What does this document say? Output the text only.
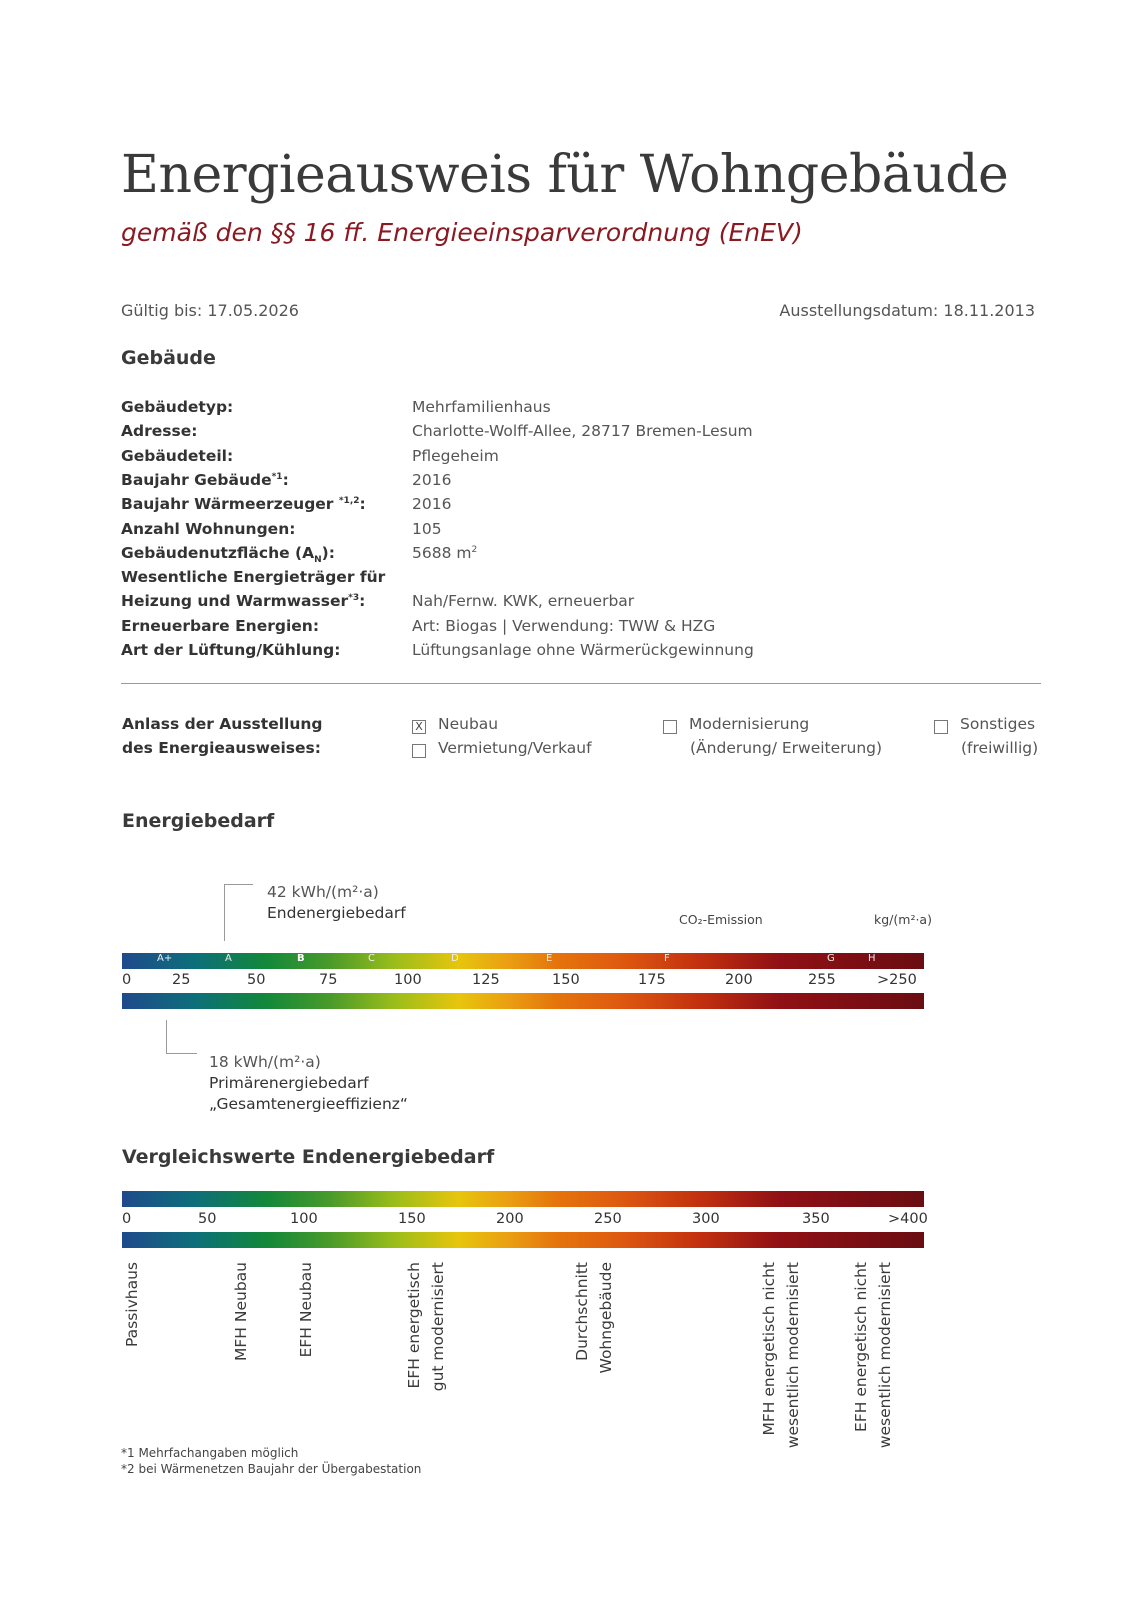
Energieausweis für Wohngebäude
gemäß den §§ 16 ff. Energieeinsparverordnung (EnEV)
Gültig bis: 17.05.2026	Ausstellungsdatum: 18.11.2013
Gebäude
Gebäudetyp:	Mehrfamilienhaus
Adresse:	Charlotte-Wolff-Allee, 28717 Bremen-Lesum
Gebäudeteil:	Pflegeheim
Baujahr Gebäude$^{*1}$:	2016
Baujahr Wärmeerzeuger $^{*1,2}$:	2016
Anzahl Wohnungen:	105
Gebäudenutzfläche $(A_N)$:	5688 $m^2$
Wesentliche Energieträger für
Heizung und Warmwasser$^{*3}$:	Nah/Fernw. KWK, erneuerbar
Erneuerbare Energien:	Art: Biogas | Verwendung: TWW & HZG
Art der Lüftung/Kühlung:	Lüftungsanlage ohne Wärmerückgewinnung
Anlass der Ausstellung
des Energieausweises:
X Neubau
Vermietung/Verkauf
Modernisierung
(Änderung/ Erweiterung)
Sonstiges
(freiwillig)
Energiebedarf
42 kWh/(m²·a)
Endenergiebedarf	CO₂-Emission	kg/(m²·a)
A+	A	B	C	D	E	F	G	H
0	25	50	75	100	125	150	175	200	255	>250
18 kWh/(m²·a)
Primärenergiebedarf
„Gesamtenergieeffizienz“
Vergleichswerte Endenergiebedarf
0	50	100	150	200	250	300	350	>400
Passivhaus	MFH Neubau	EFH Neubau	EFH energetisch gut modernisiert	Durchschnitt Wohngebäude	MFH energetisch nicht wesentlich modernisiert	EFH energetisch nicht wesentlich modernisiert
*1 Mehrfachangaben möglich
*2 bei Wärmenetzen Baujahr der Übergabestation
